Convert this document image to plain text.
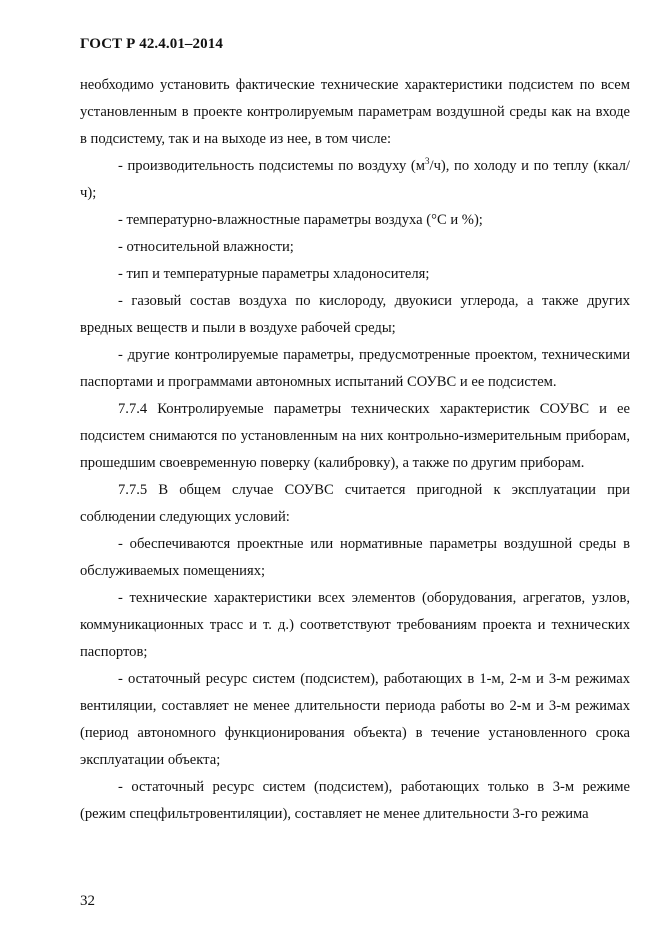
ГОСТ Р 42.4.01–2014

необходимо установить фактические технические характеристики подсистем по всем установленным в проекте контролируемым параметрам воздушной среды как на входе в подсистему, так и на выходе из нее, в том числе:

- производительность подсистемы по воздуху $(м^3/ч)$, по холоду и по теплу (ккал/ч);

- температурно-влажностные параметры воздуха (°С и %);

- относительной влажности;

- тип и температурные параметры хладоносителя;

- газовый состав воздуха по кислороду, двуокиси углерода, а также других вредных веществ и пыли в воздухе рабочей среды;

- другие контролируемые параметры, предусмотренные проектом, техническими паспортами и программами автономных испытаний СОУВС и ее подсистем.

7.7.4 Контролируемые параметры технических характеристик СОУВС и ее подсистем снимаются по установленным на них контрольно-измерительным приборам, прошедшим своевременную поверку (калибровку), а также по другим приборам.

7.7.5 В общем случае СОУВС считается пригодной к эксплуатации при соблюдении следующих условий:

- обеспечиваются проектные или нормативные параметры воздушной среды в обслуживаемых помещениях;

- технические характеристики всех элементов (оборудования, агрегатов, узлов, коммуникационных трасс и т. д.) соответствуют требованиям проекта и технических паспортов;

- остаточный ресурс систем (подсистем), работающих в 1-м, 2-м и 3-м режимах вентиляции, составляет не менее длительности периода работы во 2-м и 3-м режимах (период автономного функционирования объекта) в течение установленного срока эксплуатации объекта;

- остаточный ресурс систем (подсистем), работающих только в 3-м режиме (режим спецфильтровентиляции), составляет не менее длительности 3-го режима

32
